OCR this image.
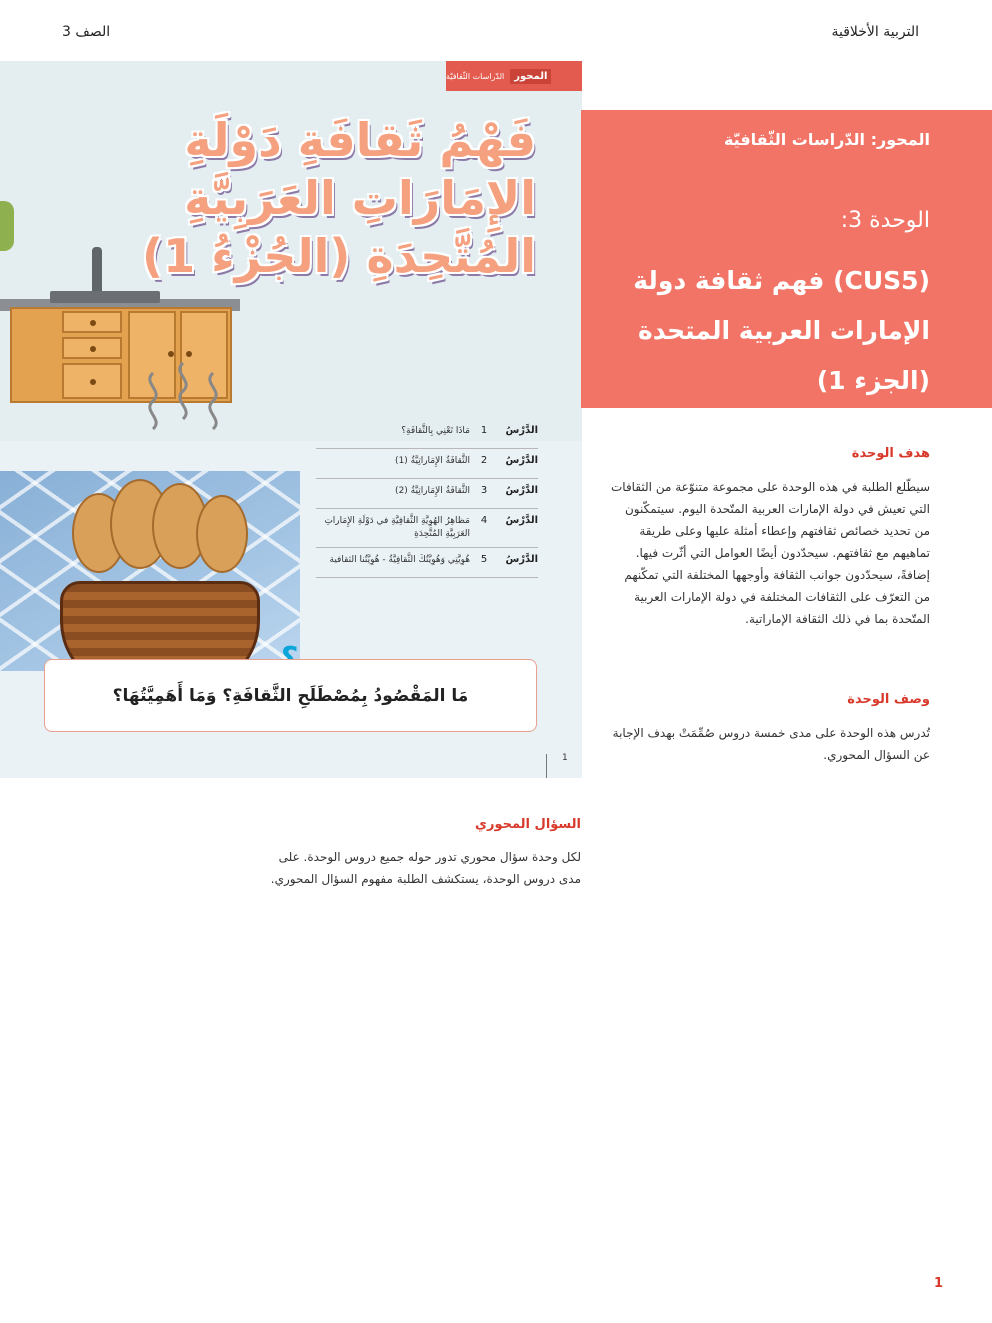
التربية الأخلاقية
الصف 3
المحور
الدّراسات الثّقافيّة
فَهْمُ ثَقافَةِ دَوْلَةِ الإِمَارَاتِ العَرَبِيَّةِ المُتَّحِدَةِ (الجُزْءُ 1)
الدَّرْسُ
1
مَاذَا تَعْنِي بِالثَّقافَةِ؟
الدَّرْسُ
2
الثَّقافَةُ الإِمَاراتِيَّةُ (1)
الدَّرْسُ
3
الثَّقافَةُ الإِمَاراتِيَّةُ (2)
الدَّرْسُ
4
مَظاهِرُ الهُوِيَّةِ الثَّقافِيَّةِ في دَوْلَةِ الإِمَاراتِ العَرَبِيَّةِ المُتَّحِدَةِ
الدَّرْسُ
5
هُوِيَّتِي وَهُوِيَّتُكَ الثَّقافِيَّةُ - هُوِيَّتُنا الثقافية
مَا المَقْصُودُ بِمُصْطَلَحِ الثَّقافَةِ؟ وَمَا أَهَمِيَّتُهَا؟
1
المحور: الدّراسات الثّقافيّة
الوحدة 3:
(CUS5) فهم ثقافة دولة الإمارات العربية المتحدة (الجزء 1)
هدف الوحدة
سيطّلع الطلبة في هذه الوحدة على مجموعة متنوّعة من الثقافات التي تعيش في دولة الإمارات العربية المتّحدة اليوم. سيتمكّنون من تحديد خصائص ثقافتهم وإعطاء أمثلة عليها وعلى طريقة تماهيهم مع ثقافتهم. سيحدّدون أيضًا العوامل التي أثّرت فيها. إضافةً، سيحدّدون جوانب الثقافة وأوجهها المختلفة التي تمكّنهم من التعرّف على الثقافات المختلفة في دولة الإمارات العربية المتّحدة بما في ذلك الثقافة الإماراتية.
وصف الوحدة
تُدرس هذه الوحدة على مدى خمسة دروس صُمِّمَتْ بهدف الإجابة عن السؤال المحوري.
السؤال المحوري
لكل وحدة سؤال محوري تدور حوله جميع دروس الوحدة. على مدى دروس الوحدة، يستكشف الطلبة مفهوم السؤال المحوري.
1
